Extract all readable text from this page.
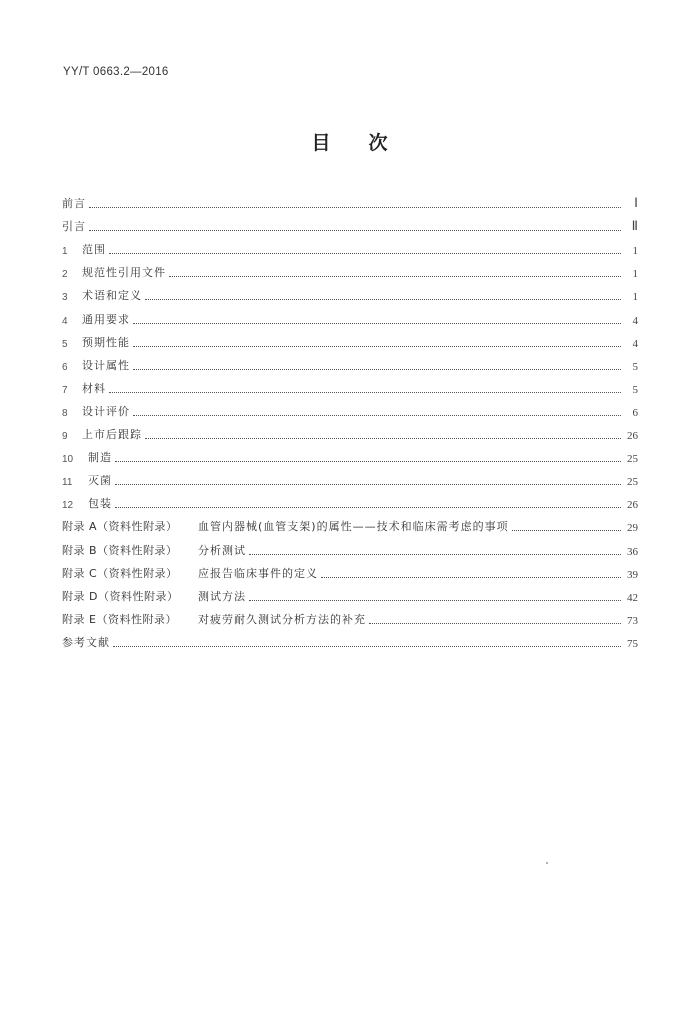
YY/T 0663.2—2016
目　　次
前言	Ⅰ
引言	Ⅱ
1	范围	1
2	规范性引用文件	1
3	术语和定义	1
4	通用要求	4
5	预期性能	4
6	设计属性	5
7	材料	5
8	设计评价	6
9	上市后跟踪	26
10	制造	25
11	灭菌	25
12	包装	26
附录 A（资料性附录）	血管内器械(血管支架)的属性——技术和临床需考虑的事项	29
附录 B（资料性附录）	分析测试	36
附录 C（资料性附录）	应报告临床事件的定义	39
附录 D（资料性附录）	测试方法	42
附录 E（资料性附录）	对疲劳耐久测试分析方法的补充	73
参考文献	75
